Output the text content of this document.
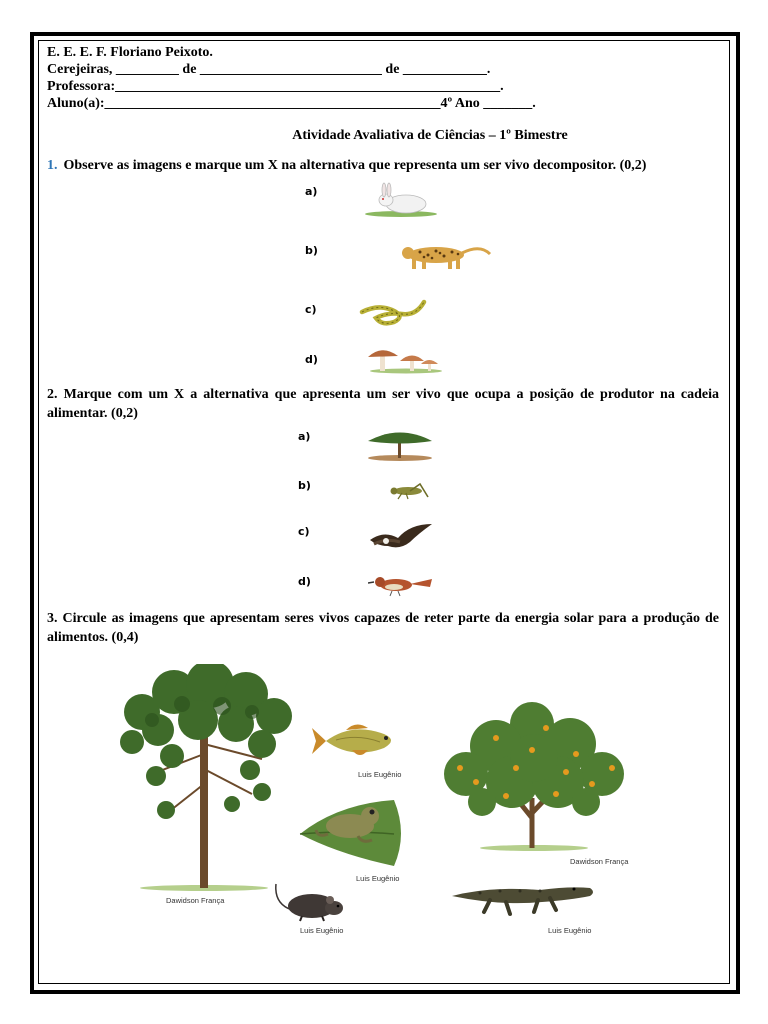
E. E. E. F. Floriano Peixoto.
Cerejeiras, _________ de __________________________ de ____________.
Professora:_______________________________________________________.
Aluno(a):________________________________________________4º Ano _______.
Atividade Avaliativa de Ciências – 1º Bimestre
1. Observe as imagens e marque um X na alternativa que representa um ser vivo decompositor. (0,2)
a)
b)
c)
d)
2. Marque com um X a alternativa que apresenta um ser vivo que ocupa a posição de produtor na cadeia alimentar. (0,2)
a)
b)
c)
d)
3. Circule as imagens que apresentam seres vivos capazes de reter parte da energia solar para a produção de alimentos. (0,4)
Dawidson França
Luis Eugênio
Luis Eugênio
Luis Eugênio
Dawidson França
Luis Eugênio
